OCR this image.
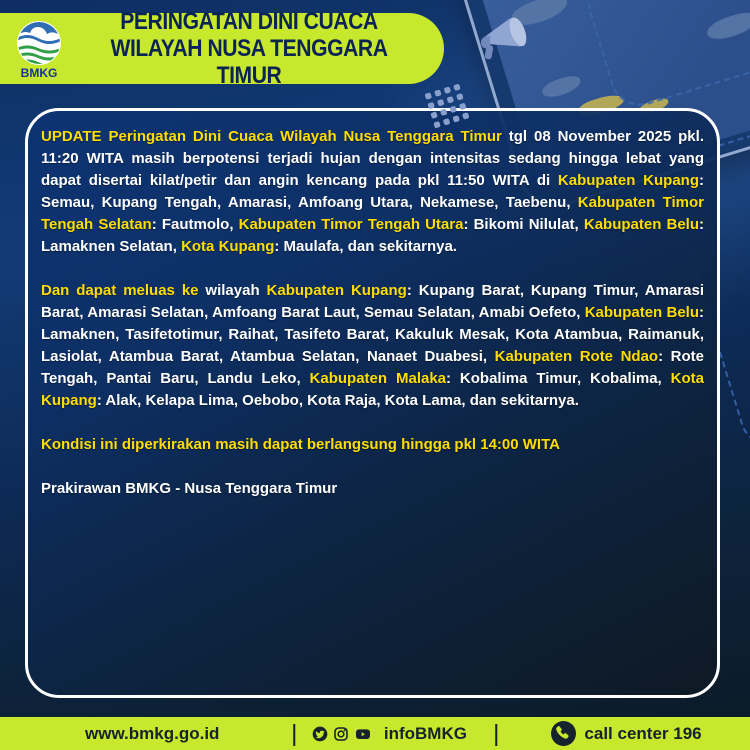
BMKG
PERINGATAN DINI CUACA
WILAYAH NUSA TENGGARA TIMUR

UPDATE Peringatan Dini Cuaca Wilayah Nusa Tenggara Timur tgl 08 November 2025 pkl. 11:20 WITA masih berpotensi terjadi hujan dengan intensitas sedang hingga lebat yang dapat disertai kilat/petir dan angin kencang pada pkl 11:50 WITA di Kabupaten Kupang: Semau, Kupang Tengah, Amarasi, Amfoang Utara, Nekamese, Taebenu, Kabupaten Timor Tengah Selatan: Fautmolo, Kabupaten Timor Tengah Utara: Bikomi Nilulat, Kabupaten Belu: Lamaknen Selatan, Kota Kupang: Maulafa, dan sekitarnya.

Dan dapat meluas ke wilayah Kabupaten Kupang: Kupang Barat, Kupang Timur, Amarasi Barat, Amarasi Selatan, Amfoang Barat Laut, Semau Selatan, Amabi Oefeto, Kabupaten Belu: Lamaknen, Tasifetotimur, Raihat, Tasifeto Barat, Kakuluk Mesak, Kota Atambua, Raimanuk, Lasiolat, Atambua Barat, Atambua Selatan, Nanaet Duabesi, Kabupaten Rote Ndao: Rote Tengah, Pantai Baru, Landu Leko, Kabupaten Malaka: Kobalima Timur, Kobalima, Kota Kupang: Alak, Kelapa Lima, Oebobo, Kota Raja, Kota Lama, dan sekitarnya.

Kondisi ini diperkirakan masih dapat berlangsung hingga pkl 14:00 WITA

Prakirawan BMKG - Nusa Tenggara Timur

www.bmkg.go.id	|	infoBMKG |	call center 196
